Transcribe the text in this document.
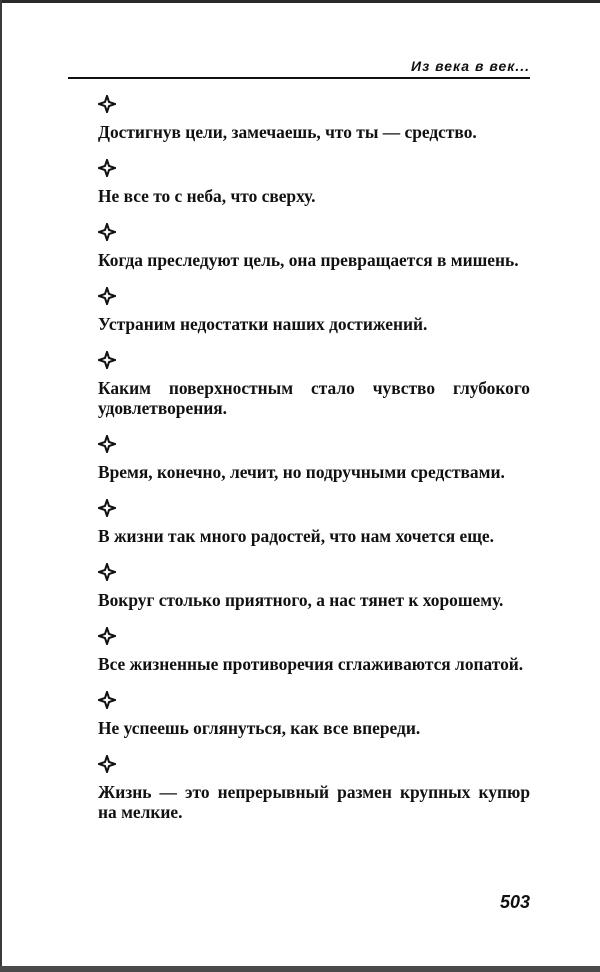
Из века в век...

Достигнув цели, замечаешь, что ты — средство.

Не все то с неба, что сверху.

Когда преследуют цель, она превращается в мишень.

Устраним недостатки наших достижений.

Каким поверхностным стало чувство глубокого удовлетворения.

Время, конечно, лечит, но подручными средствами.

В жизни так много радостей, что нам хочется еще.

Вокруг столько приятного, а нас тянет к хорошему.

Все жизненные противоречия сглаживаются лопатой.

Не успеешь оглянуться, как все впереди.

Жизнь — это непрерывный размен крупных купюр на мелкие.

503
